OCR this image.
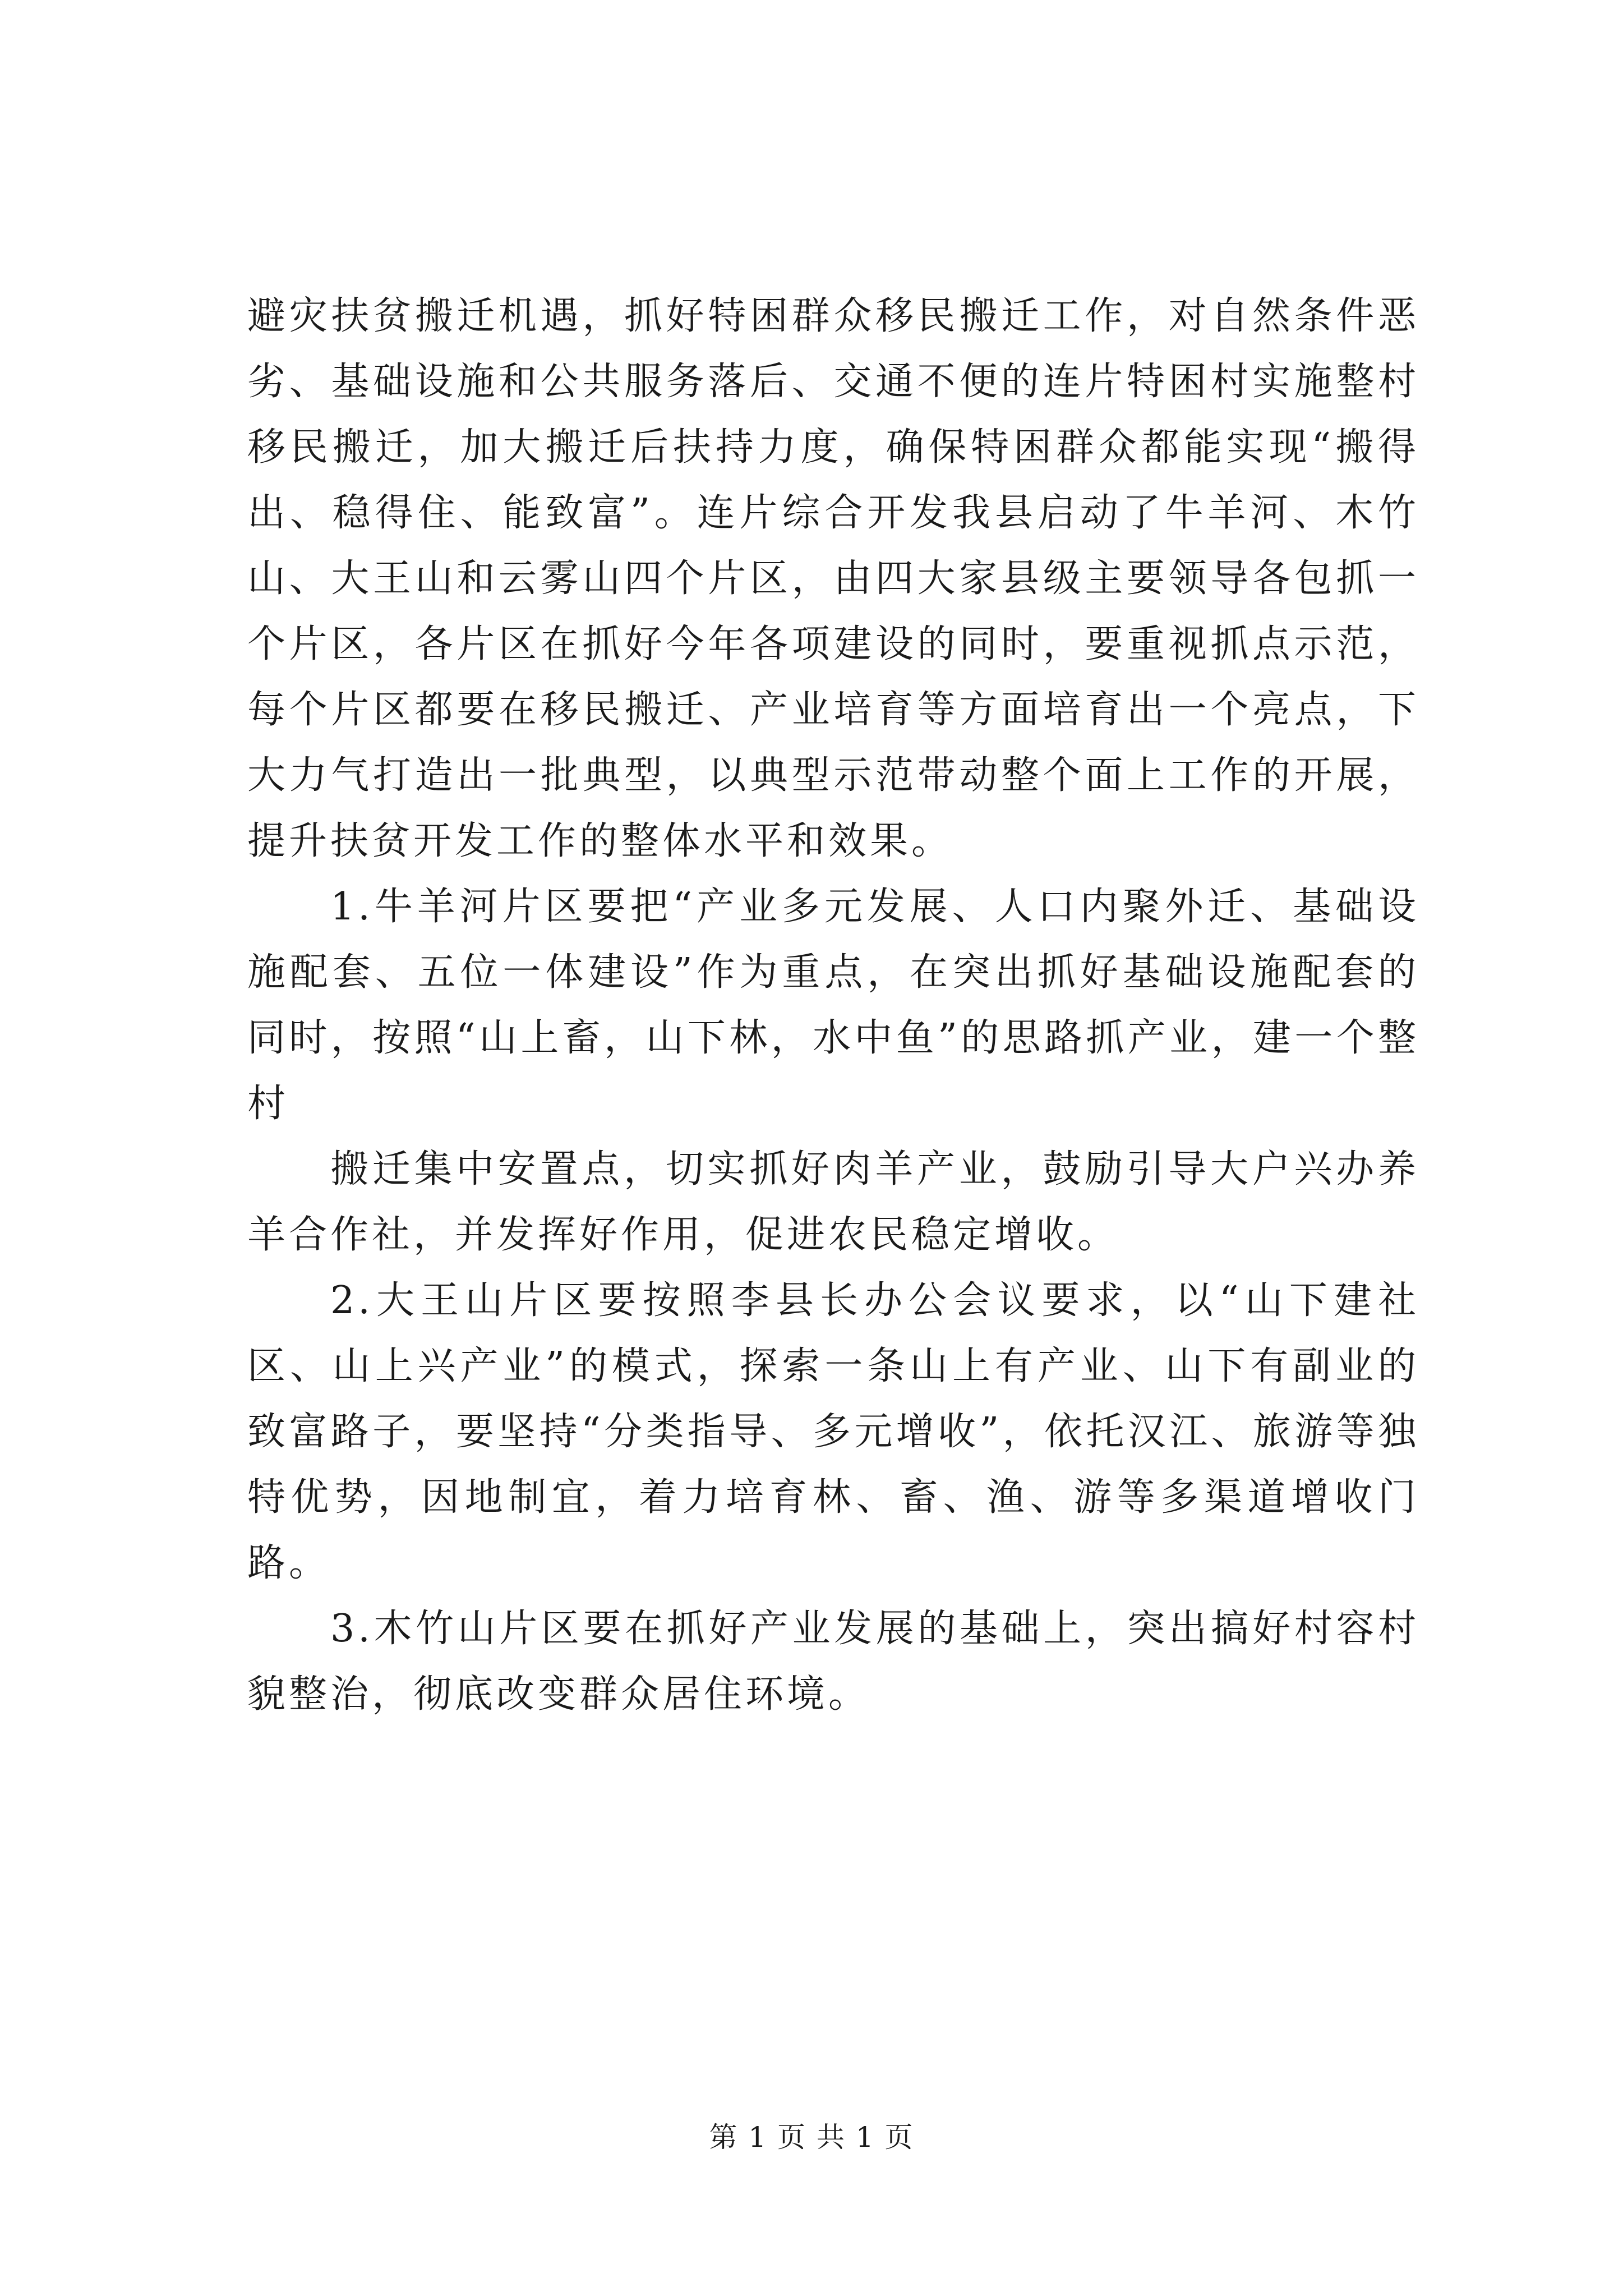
避灾扶贫搬迁机遇，抓好特困群众移民搬迁工作，对自然条件恶劣、基础设施和公共服务落后、交通不便的连片特困村实施整村移民搬迁，加大搬迁后扶持力度，确保特困群众都能实现“搬得出、稳得住、能致富”。连片综合开发我县启动了牛羊河、木竹山、大王山和云雾山四个片区，由四大家县级主要领导各包抓一个片区，各片区在抓好今年各项建设的同时，要重视抓点示范，每个片区都要在移民搬迁、产业培育等方面培育出一个亮点，下大力气打造出一批典型，以典型示范带动整个面上工作的开展，提升扶贫开发工作的整体水平和效果。

1.牛羊河片区要把“产业多元发展、人口内聚外迁、基础设施配套、五位一体建设”作为重点，在突出抓好基础设施配套的同时，按照“山上畜，山下林，水中鱼”的思路抓产业，建一个整村

搬迁集中安置点，切实抓好肉羊产业，鼓励引导大户兴办养羊合作社，并发挥好作用，促进农民稳定增收。

2.大王山片区要按照李县长办公会议要求，以“山下建社区、山上兴产业”的模式，探索一条山上有产业、山下有副业的致富路子，要坚持“分类指导、多元增收”，依托汉江、旅游等独特优势，因地制宜，着力培育林、畜、渔、游等多渠道增收门路。

3.木竹山片区要在抓好产业发展的基础上，突出搞好村容村貌整治，彻底改变群众居住环境。

第 1 页 共 1 页
